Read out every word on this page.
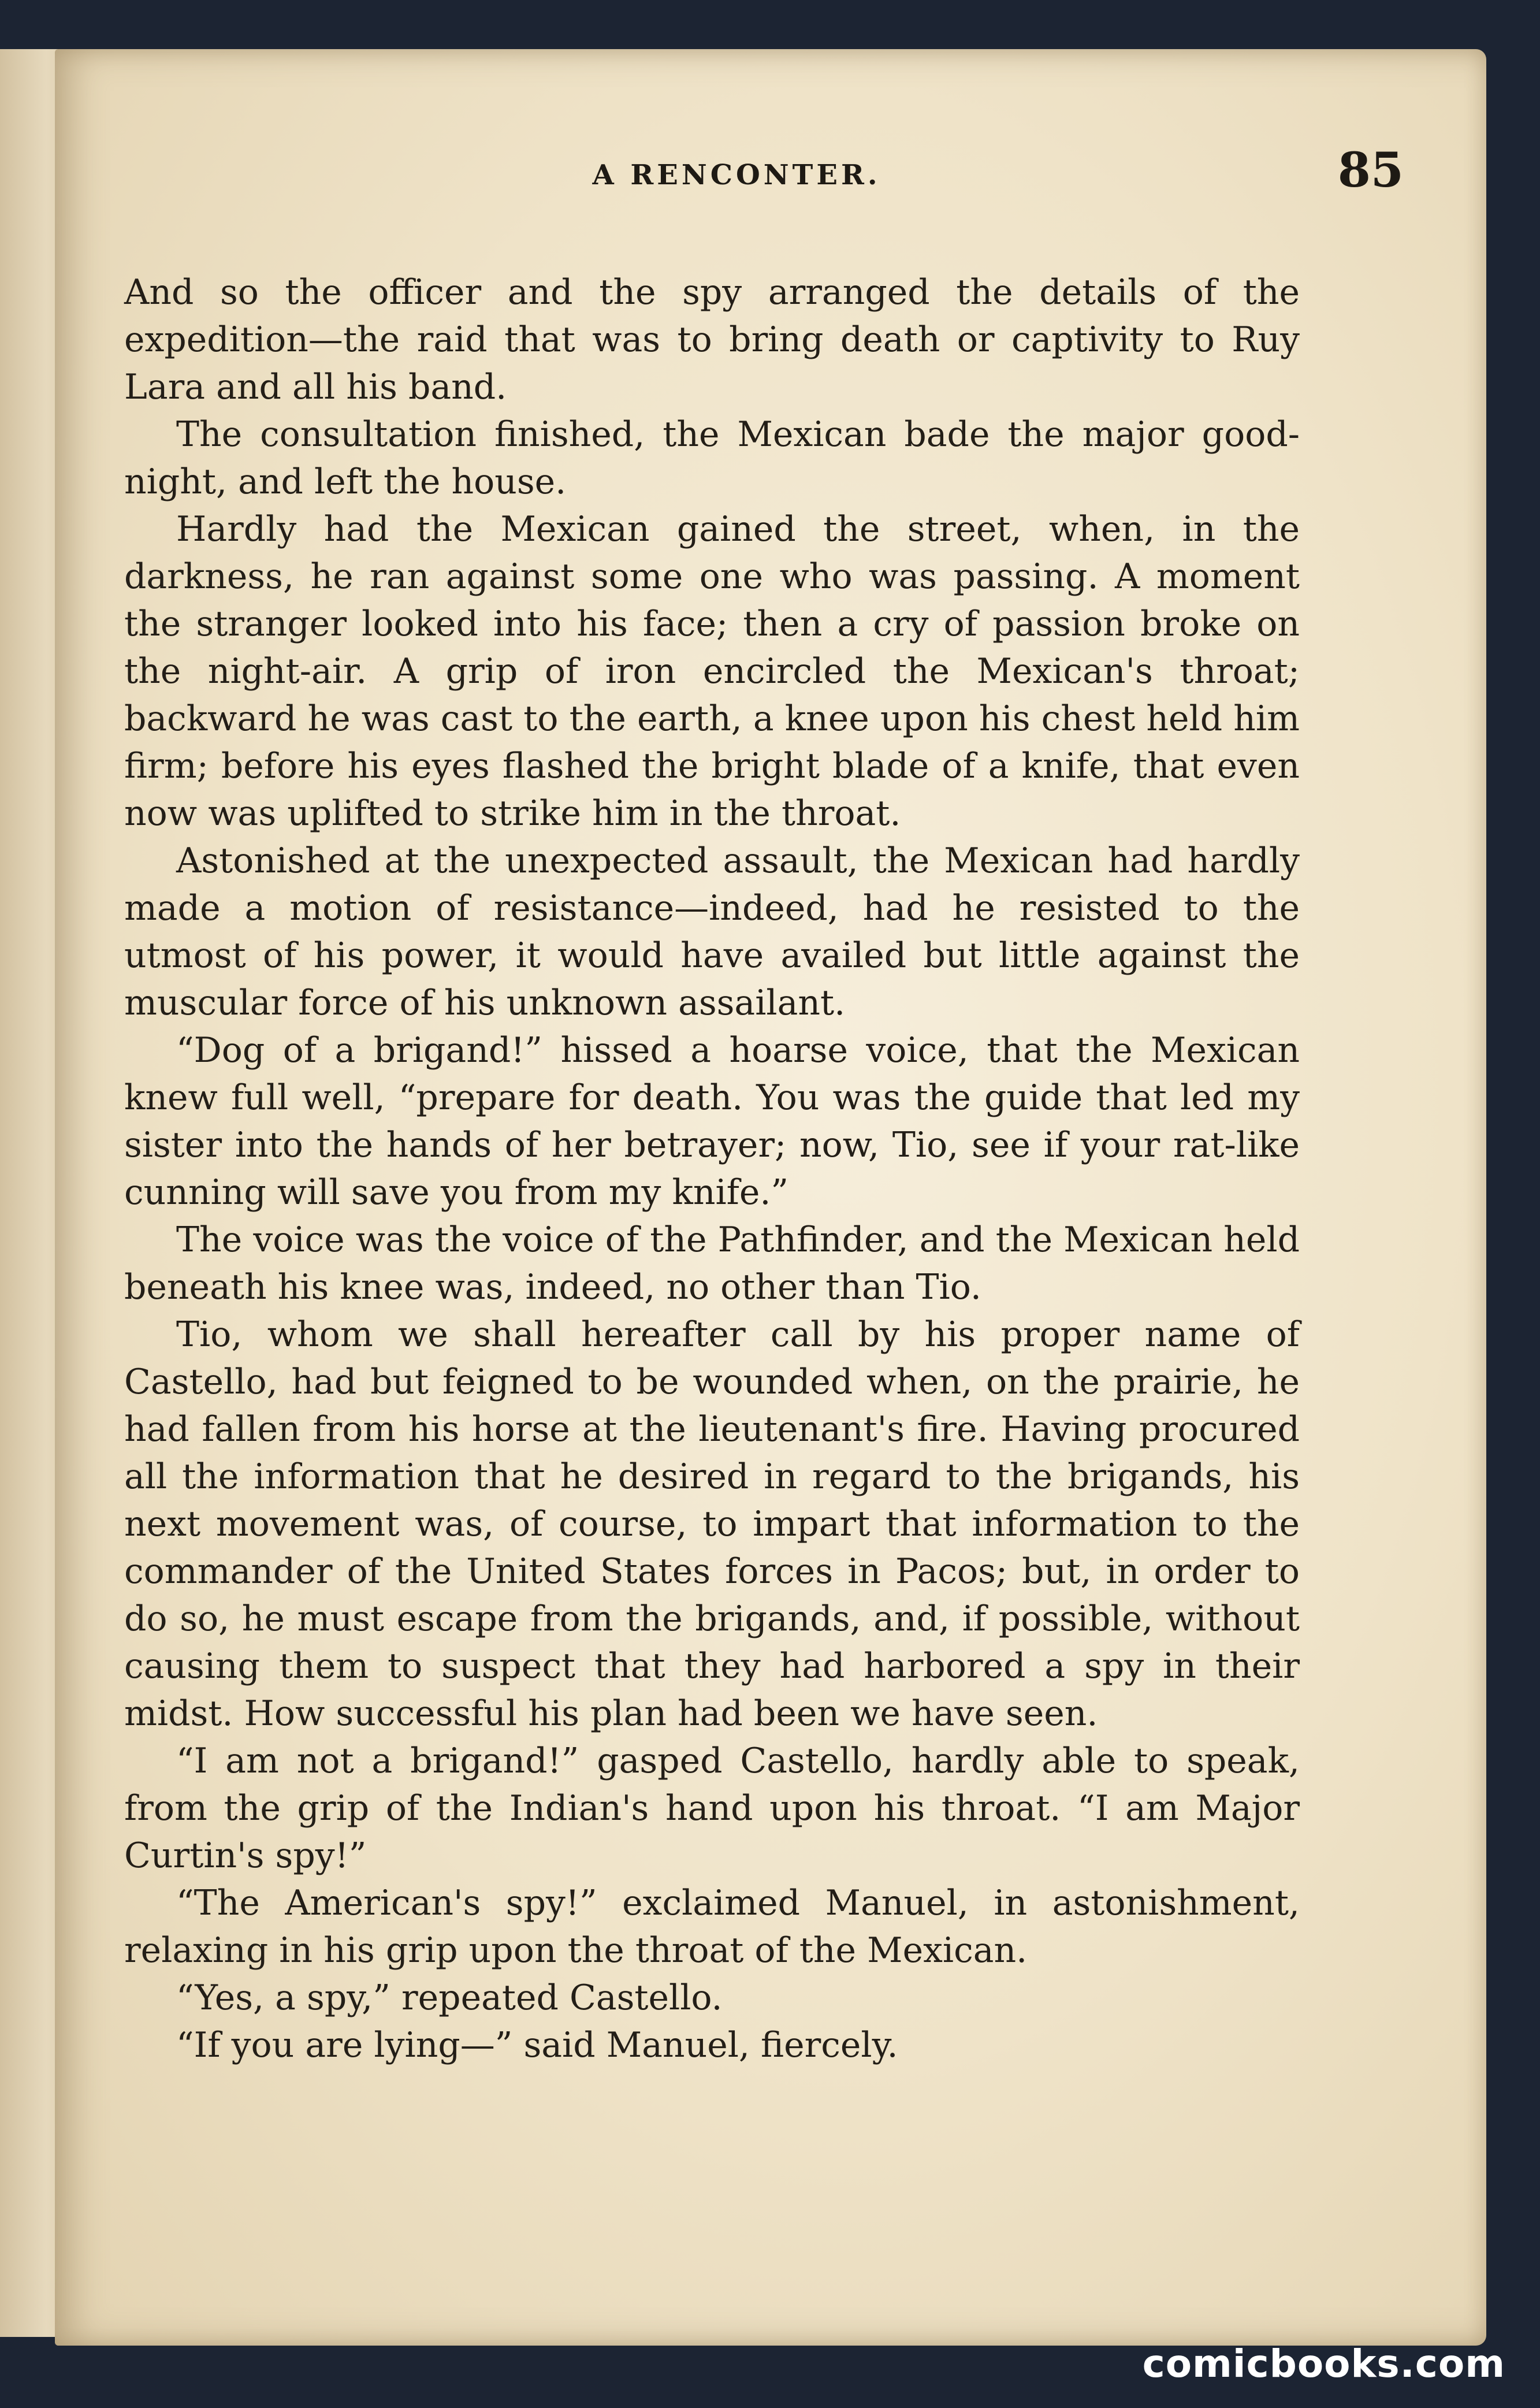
A RENCONTER.	85

And so the officer and the spy arranged the details of the expedition—the raid that was to bring death or captivity to Ruy Lara and all his band.

The consultation finished, the Mexican bade the major good-night, and left the house.

Hardly had the Mexican gained the street, when, in the darkness, he ran against some one who was passing. A moment the stranger looked into his face; then a cry of passion broke on the night-air. A grip of iron encircled the Mexican's throat; backward he was cast to the earth, a knee upon his chest held him firm; before his eyes flashed the bright blade of a knife, that even now was uplifted to strike him in the throat.

Astonished at the unexpected assault, the Mexican had hardly made a motion of resistance—indeed, had he resisted to the utmost of his power, it would have availed but little against the muscular force of his unknown assailant.

“Dog of a brigand!” hissed a hoarse voice, that the Mexican knew full well, “prepare for death. You was the guide that led my sister into the hands of her betrayer; now, Tio, see if your rat-like cunning will save you from my knife.”

The voice was the voice of the Pathfinder, and the Mexican held beneath his knee was, indeed, no other than Tio.

Tio, whom we shall hereafter call by his proper name of Castello, had but feigned to be wounded when, on the prairie, he had fallen from his horse at the lieutenant's fire. Having procured all the information that he desired in regard to the brigands, his next movement was, of course, to impart that information to the commander of the United States forces in Pacos; but, in order to do so, he must escape from the brigands, and, if possible, without causing them to suspect that they had harbored a spy in their midst. How successful his plan had been we have seen.

“I am not a brigand!” gasped Castello, hardly able to speak, from the grip of the Indian's hand upon his throat. “I am Major Curtin's spy!”

“The American's spy!” exclaimed Manuel, in astonishment, relaxing in his grip upon the throat of the Mexican.

“Yes, a spy,” repeated Castello.

“If you are lying—” said Manuel, fiercely.

comicbooks.com
